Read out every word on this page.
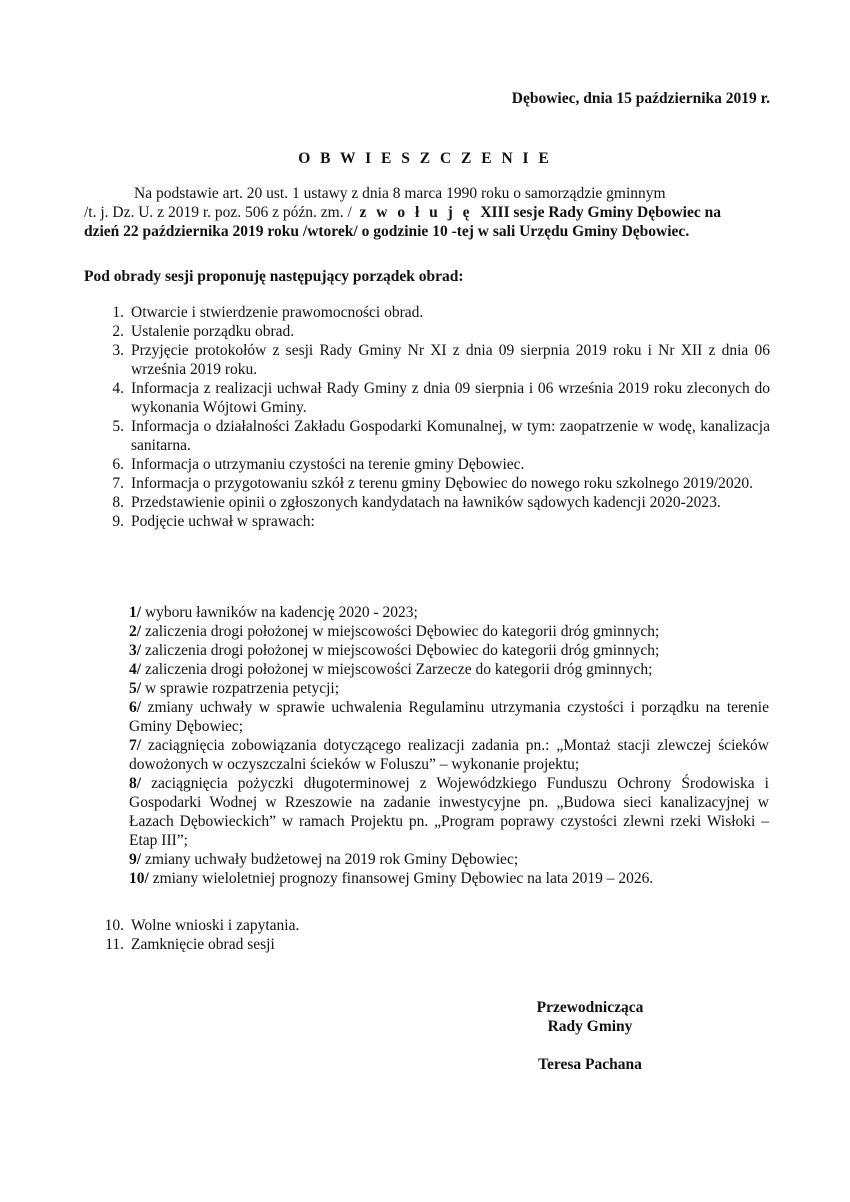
Dębowiec, dnia 15 października 2019 r.
O B W I E S Z C Z E N I E
Na podstawie art. 20 ust. 1 ustawy z dnia 8 marca 1990 roku o samorządzie gminnym
/t. j. Dz. U. z 2019 r. poz. 506 z późn. zm. / z w o ł u j ę XIII sesje Rady Gminy Dębowiec na
dzień 22 października 2019 roku /wtorek/ o godzinie 10 -tej w sali Urzędu Gminy Dębowiec.
Pod obrady sesji proponuję następujący porządek obrad:
1. Otwarcie i stwierdzenie prawomocności obrad.
2. Ustalenie porządku obrad.
3. Przyjęcie protokołów z sesji Rady Gminy Nr XI z dnia 09 sierpnia 2019 roku i Nr XII z dnia 06 września 2019 roku.
4. Informacja z realizacji uchwał Rady Gminy z dnia 09 sierpnia i 06 września 2019 roku zleconych do wykonania Wójtowi Gminy.
5. Informacja o działalności Zakładu Gospodarki Komunalnej, w tym: zaopatrzenie w wodę, kanalizacja sanitarna.
6. Informacja o utrzymaniu czystości na terenie gminy Dębowiec.
7. Informacja o przygotowaniu szkół z terenu gminy Dębowiec do nowego roku szkolnego 2019/2020.
8. Przedstawienie opinii o zgłoszonych kandydatach na ławników sądowych kadencji 2020-2023.
9. Podjęcie uchwał w sprawach:
1/ wyboru ławników na kadencję 2020 - 2023;
2/ zaliczenia drogi położonej w miejscowości Dębowiec do kategorii dróg gminnych;
3/ zaliczenia drogi położonej w miejscowości Dębowiec do kategorii dróg gminnych;
4/ zaliczenia drogi położonej w miejscowości Zarzecze do kategorii dróg gminnych;
5/ w sprawie rozpatrzenia petycji;
6/ zmiany uchwały w sprawie uchwalenia Regulaminu utrzymania czystości i porządku na terenie Gminy Dębowiec;
7/ zaciągnięcia zobowiązania dotyczącego realizacji zadania pn.: „Montaż stacji zlewczej ścieków dowożonych w oczyszczalni ścieków w Foluszu” – wykonanie projektu;
8/ zaciągnięcia pożyczki długoterminowej z Wojewódzkiego Funduszu Ochrony Środowiska i Gospodarki Wodnej w Rzeszowie na zadanie inwestycyjne pn. „Budowa sieci kanalizacyjnej w Łazach Dębowieckich” w ramach Projektu pn. „Program poprawy czystości zlewni rzeki Wisłoki – Etap III”;
9/ zmiany uchwały budżetowej na 2019 rok Gminy Dębowiec;
10/ zmiany wieloletniej prognozy finansowej Gminy Dębowiec na lata 2019 – 2026.
10. Wolne wnioski i zapytania.
11. Zamknięcie obrad sesji
Przewodnicząca
Rady Gminy
Teresa Pachana
